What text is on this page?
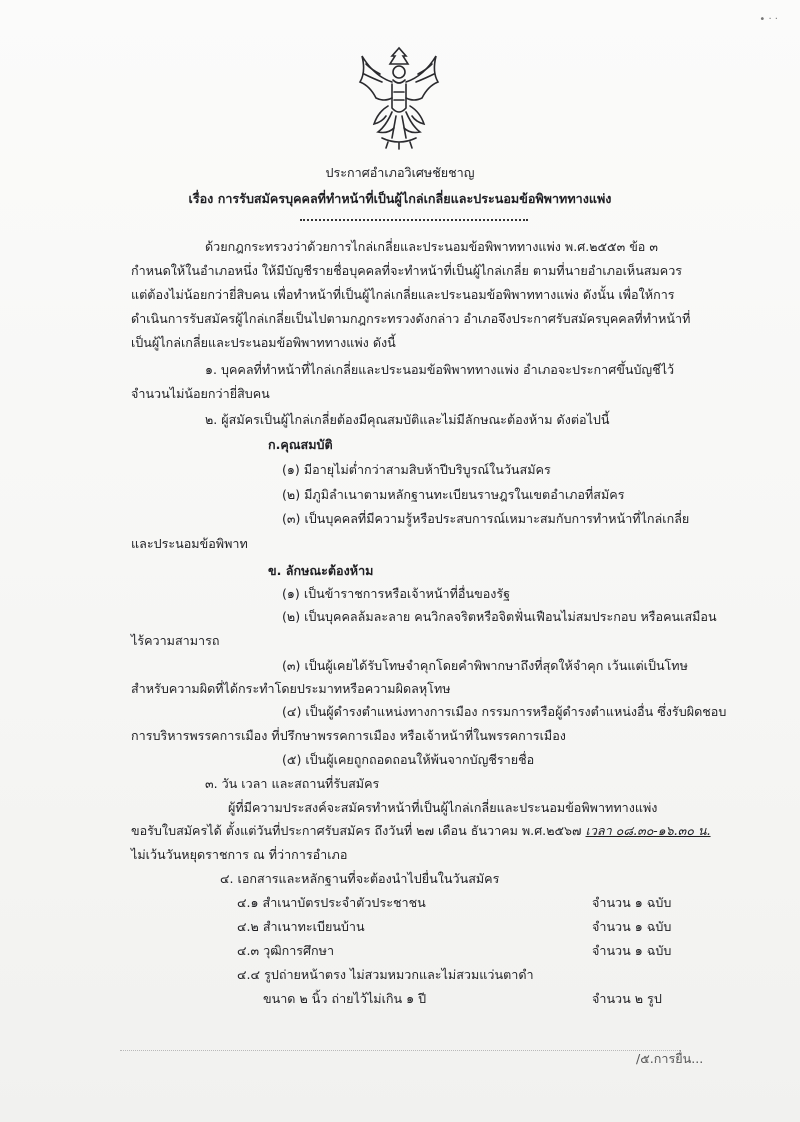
• · ·
ประกาศอำเภอวิเศษชัยชาญ
เรื่อง การรับสมัครบุคคลที่ทำหน้าที่เป็นผู้ไกล่เกลี่ยและประนอมข้อพิพาททางแพ่ง
ด้วยกฎกระทรวงว่าด้วยการไกล่เกลี่ยและประนอมข้อพิพาททางแพ่ง พ.ศ.๒๕๕๓ ข้อ ๓
กำหนดให้ในอำเภอหนึ่ง ให้มีบัญชีรายชื่อบุคคลที่จะทำหน้าที่เป็นผู้ไกล่เกลี่ย ตามที่นายอำเภอเห็นสมควร
แต่ต้องไม่น้อยกว่ายี่สิบคน เพื่อทำหน้าที่เป็นผู้ไกล่เกลี่ยและประนอมข้อพิพาททางแพ่ง ดังนั้น เพื่อให้การ
ดำเนินการรับสมัครผู้ไกล่เกลี่ยเป็นไปตามกฎกระทรวงดังกล่าว อำเภอจึงประกาศรับสมัครบุคคลที่ทำหน้าที่
เป็นผู้ไกล่เกลี่ยและประนอมข้อพิพาททางแพ่ง ดังนี้
๑. บุคคลที่ทำหน้าที่ไกล่เกลี่ยและประนอมข้อพิพาททางแพ่ง อำเภอจะประกาศขึ้นบัญชีไว้
จำนวนไม่น้อยกว่ายี่สิบคน
๒. ผู้สมัครเป็นผู้ไกล่เกลี่ยต้องมีคุณสมบัติและไม่มีลักษณะต้องห้าม ดังต่อไปนี้
ก.คุณสมบัติ
(๑) มีอายุไม่ต่ำกว่าสามสิบห้าปีบริบูรณ์ในวันสมัคร
(๒) มีภูมิลำเนาตามหลักฐานทะเบียนราษฎรในเขตอำเภอที่สมัคร
(๓) เป็นบุคคลที่มีความรู้หรือประสบการณ์เหมาะสมกับการทำหน้าที่ไกล่เกลี่ย
และประนอมข้อพิพาท
ข. ลักษณะต้องห้าม
(๑) เป็นข้าราชการหรือเจ้าหน้าที่อื่นของรัฐ
(๒) เป็นบุคคลล้มละลาย คนวิกลจริตหรือจิตฟั่นเฟือนไม่สมประกอบ หรือคนเสมือน
ไร้ความสามารถ
(๓) เป็นผู้เคยได้รับโทษจำคุกโดยคำพิพากษาถึงที่สุดให้จำคุก เว้นแต่เป็นโทษ
สำหรับความผิดที่ได้กระทำโดยประมาทหรือความผิดลหุโทษ
(๔) เป็นผู้ดำรงตำแหน่งทางการเมือง กรรมการหรือผู้ดำรงตำแหน่งอื่น ซึ่งรับผิดชอบ
การบริหารพรรคการเมือง ที่ปรึกษาพรรคการเมือง หรือเจ้าหน้าที่ในพรรคการเมือง
(๕) เป็นผู้เคยถูกถอดถอนให้พ้นจากบัญชีรายชื่อ
๓. วัน เวลา และสถานที่รับสมัคร
ผู้ที่มีความประสงค์จะสมัครทำหน้าที่เป็นผู้ไกล่เกลี่ยและประนอมข้อพิพาททางแพ่ง
ขอรับใบสมัครได้ ตั้งแต่วันที่ประกาศรับสมัคร ถึงวันที่ ๒๗ เดือน ธันวาคม พ.ศ.๒๕๖๗ เวลา ๐๘.๓๐-๑๖.๓๐ น.
ไม่เว้นวันหยุดราชการ ณ ที่ว่าการอำเภอ
๔. เอกสารและหลักฐานที่จะต้องนำไปยื่นในวันสมัคร
๔.๑ สำเนาบัตรประจำตัวประชาชน	จำนวน ๑ ฉบับ
๔.๒ สำเนาทะเบียนบ้าน	จำนวน ๑ ฉบับ
๔.๓ วุฒิการศึกษา	จำนวน ๑ ฉบับ
๔.๔ รูปถ่ายหน้าตรง ไม่สวมหมวกและไม่สวมแว่นตาดำ
ขนาด ๒ นิ้ว ถ่ายไว้ไม่เกิน ๑ ปี	จำนวน ๒ รูป
/๕.การยื่น...
